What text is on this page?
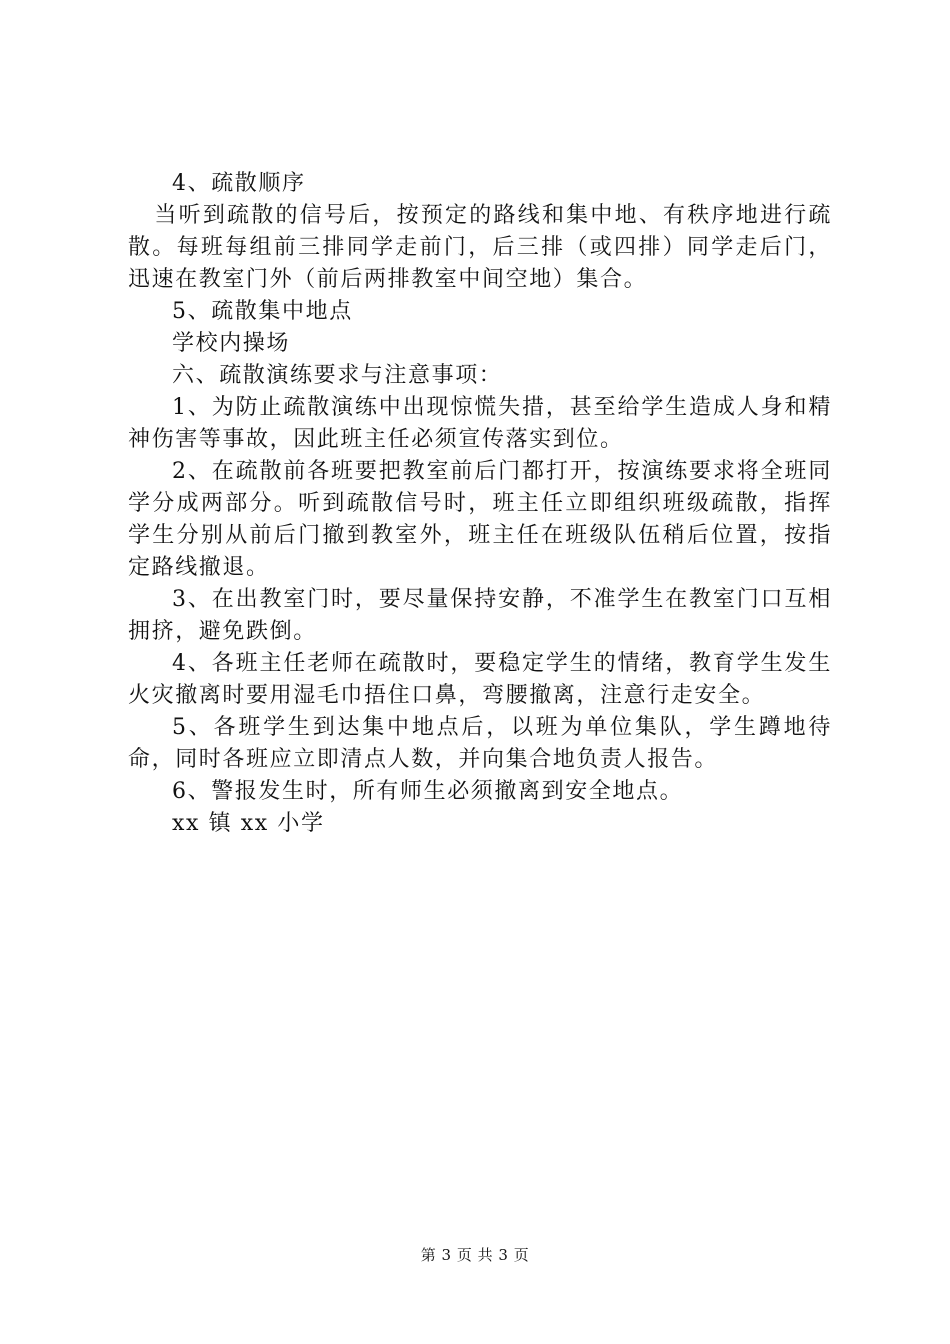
4、疏散顺序

当听到疏散的信号后，按预定的路线和集中地、有秩序地进行疏散。每班每组前三排同学走前门，后三排（或四排）同学走后门，迅速在教室门外（前后两排教室中间空地）集合。

5、疏散集中地点

学校内操场

六、疏散演练要求与注意事项：

1、为防止疏散演练中出现惊慌失措，甚至给学生造成人身和精神伤害等事故，因此班主任必须宣传落实到位。

2、在疏散前各班要把教室前后门都打开，按演练要求将全班同学分成两部分。听到疏散信号时，班主任立即组织班级疏散，指挥学生分别从前后门撤到教室外，班主任在班级队伍稍后位置，按指定路线撤退。

3、在出教室门时，要尽量保持安静，不准学生在教室门口互相拥挤，避免跌倒。

4、各班主任老师在疏散时，要稳定学生的情绪，教育学生发生火灾撤离时要用湿毛巾捂住口鼻，弯腰撤离，注意行走安全。

5、各班学生到达集中地点后，以班为单位集队，学生蹲地待命，同时各班应立即清点人数，并向集合地负责人报告。

6、警报发生时，所有师生必须撤离到安全地点。

xx 镇 xx 小学

第 3 页 共 3 页
